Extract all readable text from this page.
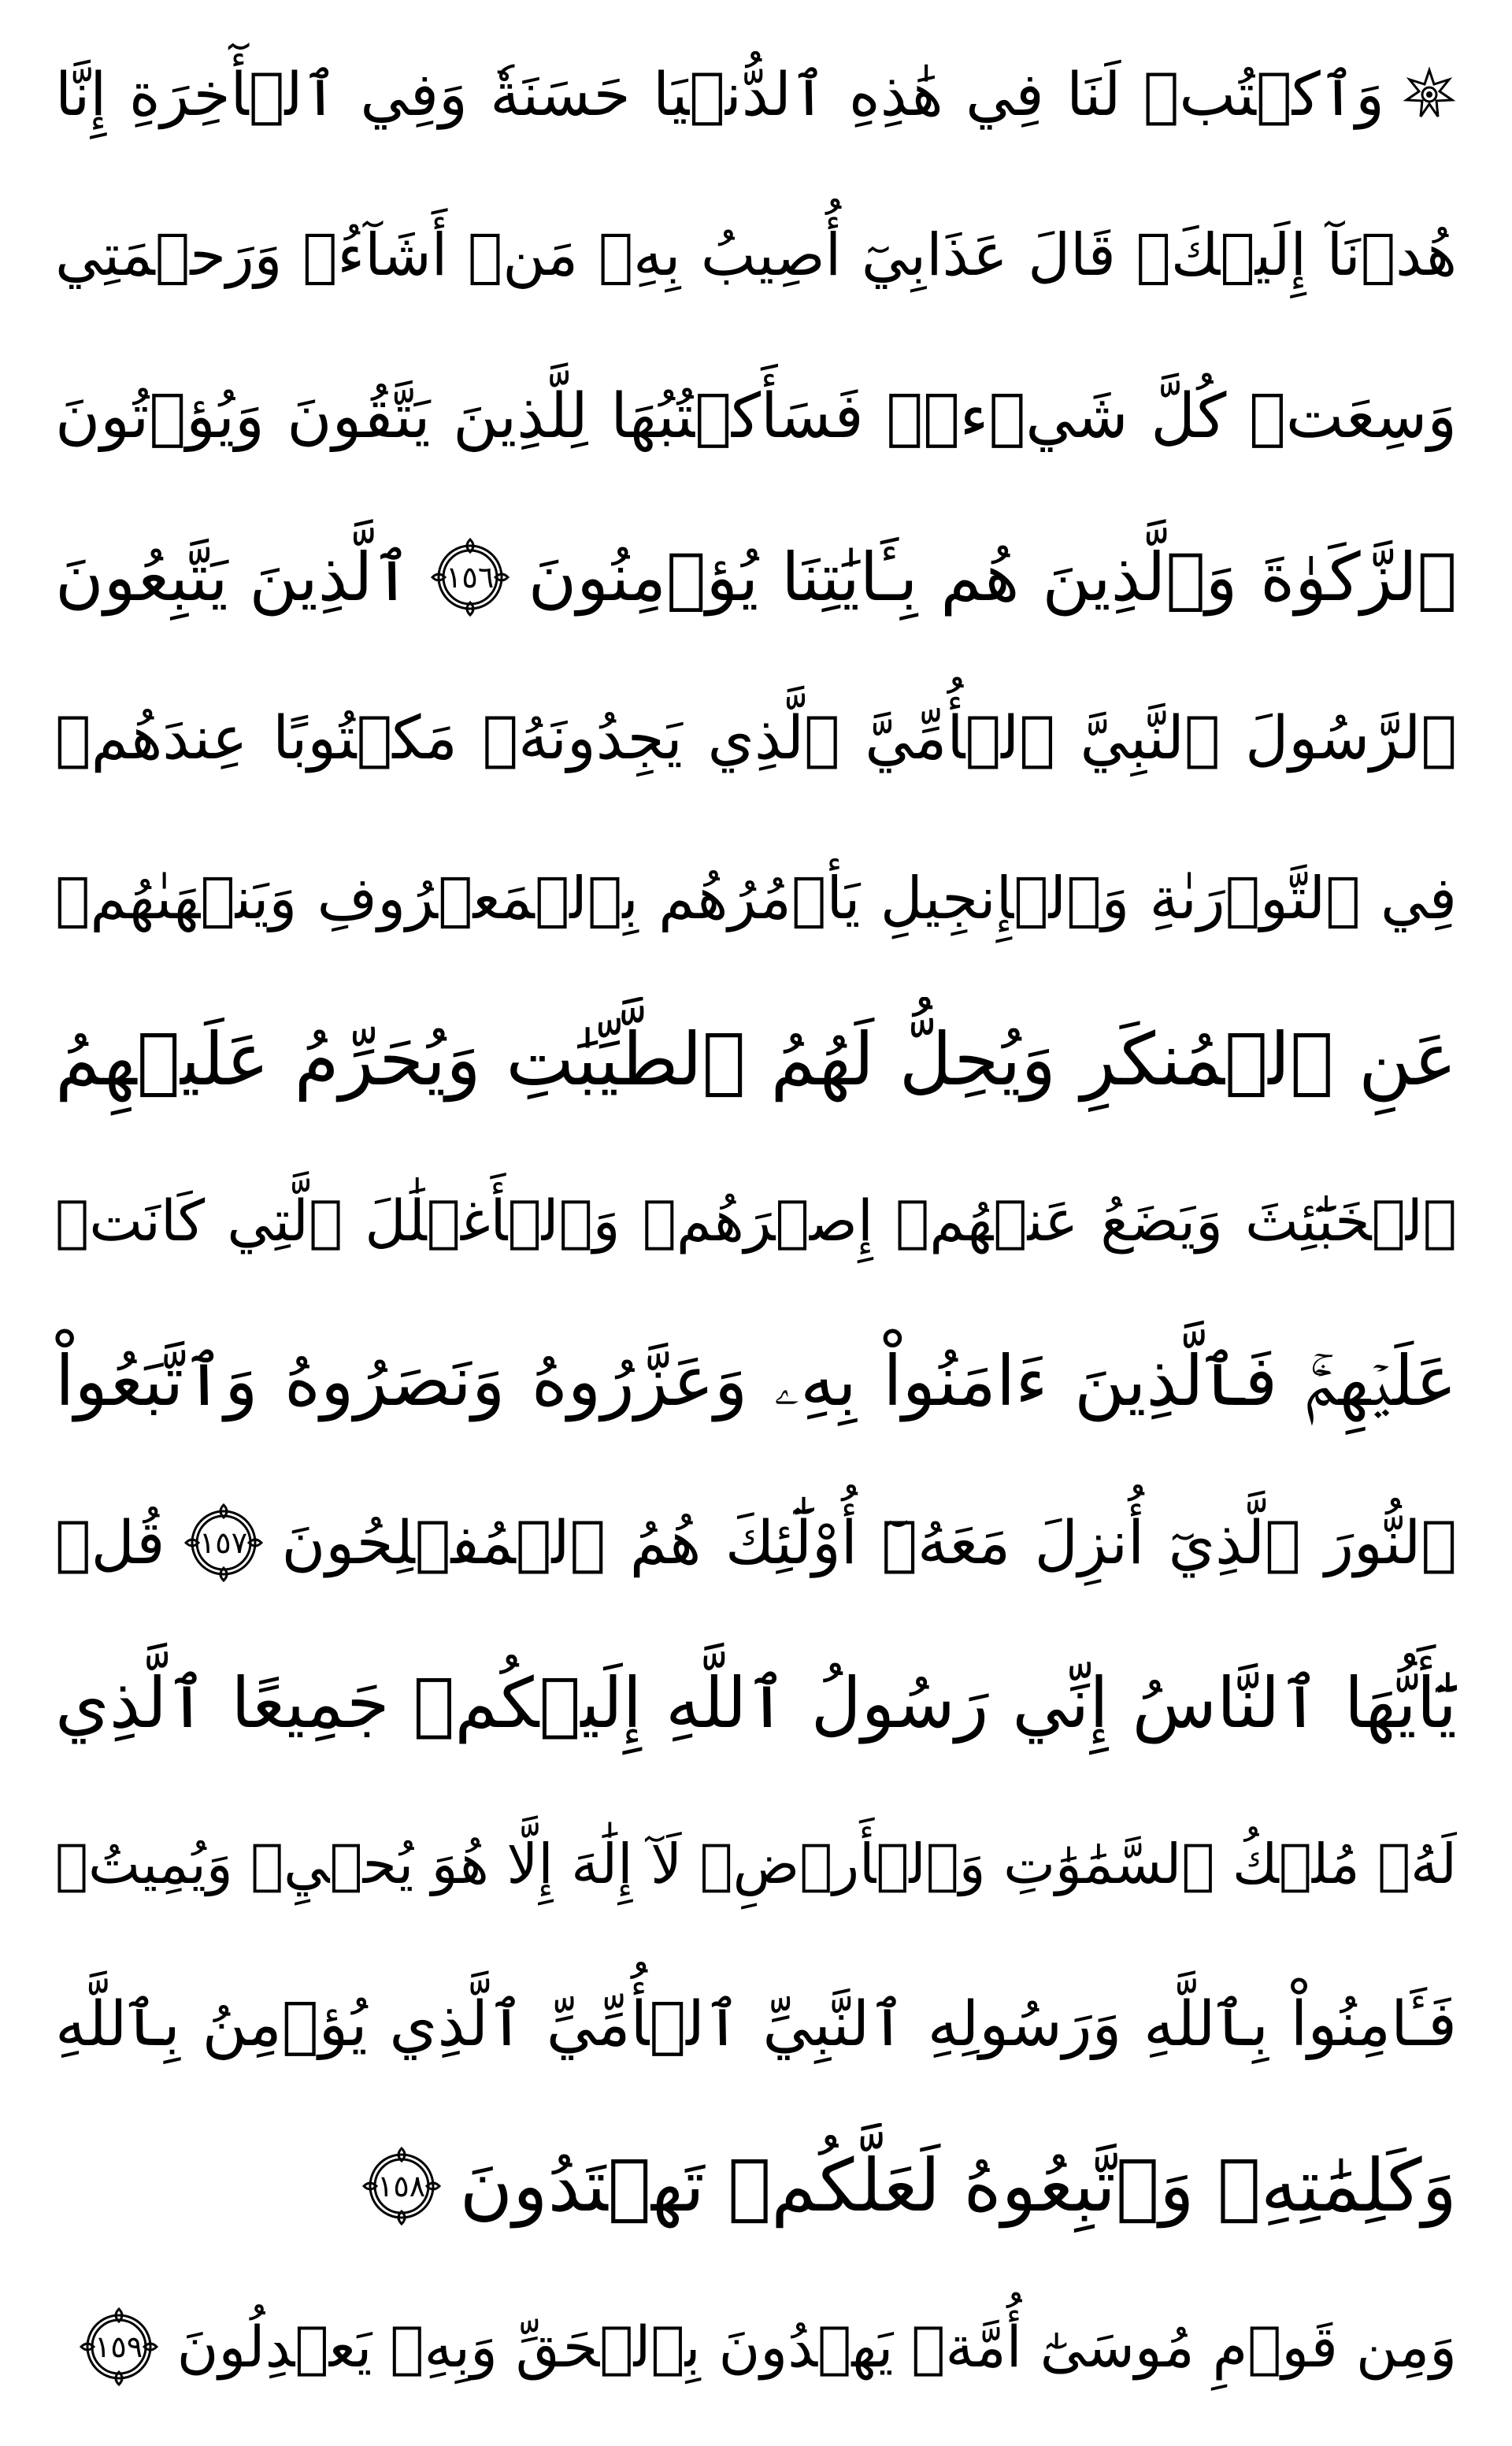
وَٱكۡتُبۡ لَنَا فِي هَٰذِهِ ٱلدُّنۡيَا حَسَنَةٗ وَفِي ٱلۡأٓخِرَةِ إِنَّا
هُدۡنَآ إِلَيۡكَۚ قَالَ عَذَابِيٓ أُصِيبُ بِهِۦ مَنۡ أَشَآءُۖ وَرَحۡمَتِي
وَسِعَتۡ كُلَّ شَيۡءٖۚ فَسَأَكۡتُبُهَا لِلَّذِينَ يَتَّقُونَ وَيُؤۡتُونَ
ٱلزَّكَوٰةَ وَٱلَّذِينَ هُم بِـَٔايَٰتِنَا يُؤۡمِنُونَ
١٥٦
ٱلَّذِينَ يَتَّبِعُونَ
ٱلرَّسُولَ ٱلنَّبِيَّ ٱلۡأُمِّيَّ ٱلَّذِي يَجِدُونَهُۥ مَكۡتُوبًا عِندَهُمۡ
فِي ٱلتَّوۡرَىٰةِ وَٱلۡإِنجِيلِ يَأۡمُرُهُم بِٱلۡمَعۡرُوفِ وَيَنۡهَىٰهُمۡ
عَنِ ٱلۡمُنكَرِ وَيُحِلُّ لَهُمُ ٱلطَّيِّبَٰتِ وَيُحَرِّمُ عَلَيۡهِمُ
ٱلۡخَبَٰٓئِثَ وَيَضَعُ عَنۡهُمۡ إِصۡرَهُمۡ وَٱلۡأَغۡلَٰلَ ٱلَّتِي كَانَتۡ
عَلَيۡهِمۡۚ فَٱلَّذِينَ ءَامَنُواْ بِهِۦ وَعَزَّرُوهُ وَنَصَرُوهُ وَٱتَّبَعُواْ
ٱلنُّورَ ٱلَّذِيٓ أُنزِلَ مَعَهُۥٓ أُوْلَٰٓئِكَ هُمُ ٱلۡمُفۡلِحُونَ
١٥٧
قُلۡ
يَٰٓأَيُّهَا ٱلنَّاسُ إِنِّي رَسُولُ ٱللَّهِ إِلَيۡكُمۡ جَمِيعًا ٱلَّذِي
لَهُۥ مُلۡكُ ٱلسَّمَٰوَٰتِ وَٱلۡأَرۡضِۖ لَآ إِلَٰهَ إِلَّا هُوَ يُحۡيِۦ وَيُمِيتُۖ
فَـَٔامِنُواْ بِٱللَّهِ وَرَسُولِهِ ٱلنَّبِيِّ ٱلۡأُمِّيِّ ٱلَّذِي يُؤۡمِنُ بِٱللَّهِ
وَكَلِمَٰتِهِۦ وَٱتَّبِعُوهُ لَعَلَّكُمۡ تَهۡتَدُونَ
١٥٨
وَمِن قَوۡمِ مُوسَىٰٓ أُمَّةٞ يَهۡدُونَ بِٱلۡحَقِّ وَبِهِۦ يَعۡدِلُونَ
١٥٩
